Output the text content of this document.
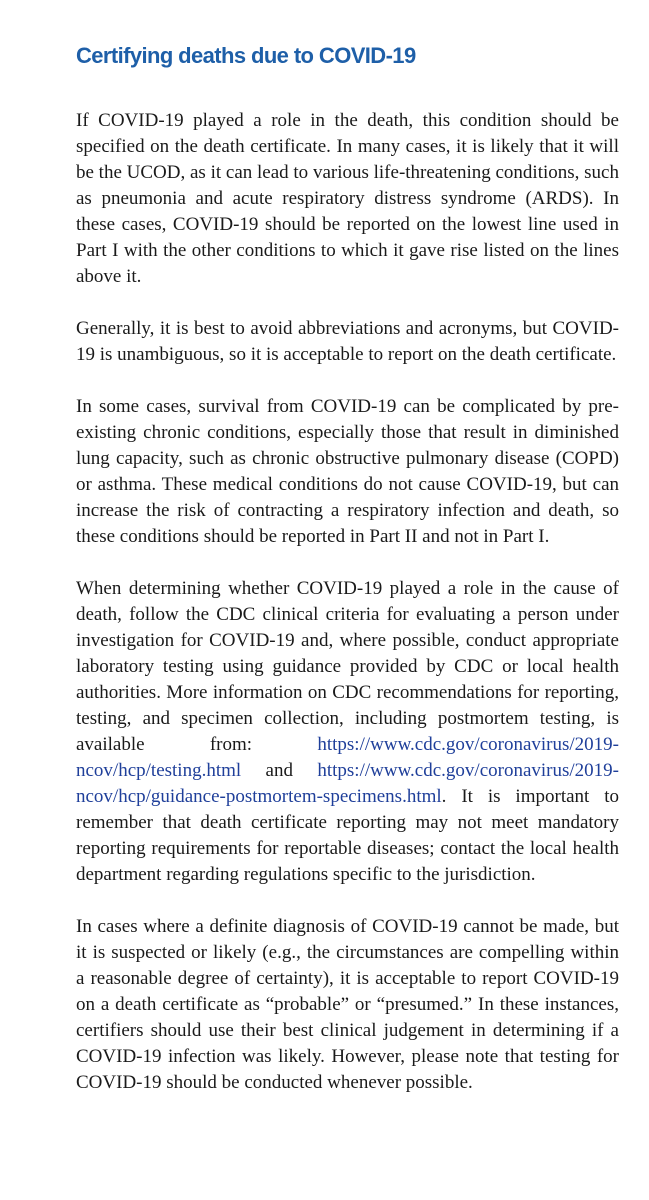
Certifying deaths due to COVID-19

If COVID-19 played a role in the death, this condition should be specified on the death certificate. In many cases, it is likely that it will be the UCOD, as it can lead to various life-threatening conditions, such as pneumonia and acute respiratory distress syndrome (ARDS). In these cases, COVID-19 should be reported on the lowest line used in Part I with the other conditions to which it gave rise listed on the lines above it.

Generally, it is best to avoid abbreviations and acronyms, but COVID-19 is unambiguous, so it is acceptable to report on the death certificate.

In some cases, survival from COVID-19 can be complicated by pre-existing chronic conditions, especially those that result in diminished lung capacity, such as chronic obstructive pulmonary disease (COPD) or asthma. These medical conditions do not cause COVID-19, but can increase the risk of contracting a respiratory infection and death, so these conditions should be reported in Part II and not in Part I.

When determining whether COVID-19 played a role in the cause of death, follow the CDC clinical criteria for evaluating a person under investigation for COVID-19 and, where possible, conduct appropriate laboratory testing using guidance provided by CDC or local health authorities. More information on CDC recommendations for reporting, testing, and specimen collection, including postmortem testing, is available from:	https://www.cdc.gov/coronavirus/2019-ncov/hcp/testing.html and https://www.cdc.gov/coronavirus/2019-ncov/hcp/guidance-postmortem-specimens.html. It is important to remember that death certificate reporting may not meet mandatory reporting requirements for reportable diseases; contact the local health department regarding regulations specific to the jurisdiction.

In cases where a definite diagnosis of COVID-19 cannot be made, but it is suspected or likely (e.g., the circumstances are compelling within a reasonable degree of certainty), it is acceptable to report COVID-19 on a death certificate as “probable” or “presumed.” In these instances, certifiers should use their best clinical judgement in determining if a COVID-19 infection was likely. However, please note that testing for COVID-19 should be conducted whenever possible.
